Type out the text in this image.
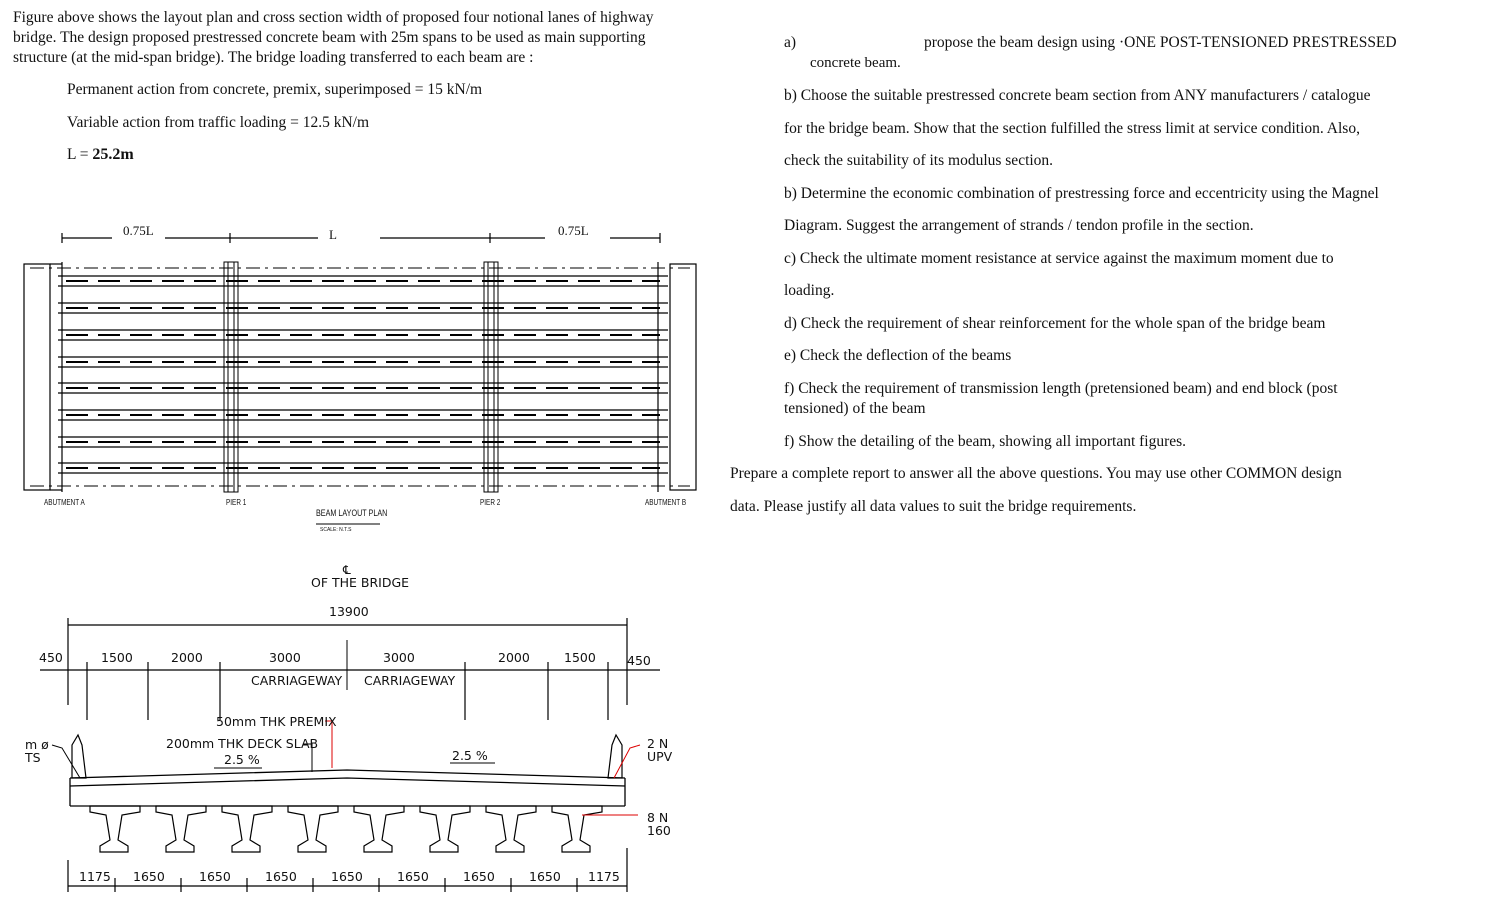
Figure above shows the layout plan and cross section width of proposed four notional lanes of highway
bridge. The design proposed prestressed concrete beam with 25m spans to be used as main supporting
structure (at the mid-span bridge). The bridge loading transferred to each beam are :
Permanent action from concrete, premix, superimposed = 15 kN/m
Variable action from traffic loading = 12.5 kN/m
L = 25.2m
0.75L	L	0.75L
ABUTMENT A	PIER 1	PIER 2	ABUTMENT B
BEAM LAYOUT PLAN
SCALE: N.T.S
℄
OF THE BRIDGE
13900
450	1500	2000	3000	3000	2000	1500 450
CARRIAGEWAY CARRIAGEWAY
50mm THK PREMIX
200mm THK DECK SLAB
2.5 %	2.5 %
m ø
TS
2 N
UPV
8 N
160
1175 1650	1650	1650	1650	1650	1650	1650 1175
a)	propose the beam design using ·ONE POST-TENSIONED PRESTRESSED
concrete beam.
b) Choose the suitable prestressed concrete beam section from ANY manufacturers / catalogue
for the bridge beam. Show that the section fulfilled the stress limit at service condition. Also,
check the suitability of its modulus section.
b) Determine the economic combination of prestressing force and eccentricity using the Magnel
Diagram. Suggest the arrangement of strands / tendon profile in the section.
c) Check the ultimate moment resistance at service against the maximum moment due to
loading.
d) Check the requirement of shear reinforcement for the whole span of the bridge beam
e) Check the deflection of the beams
f) Check the requirement of transmission length (pretensioned beam) and end block (post
tensioned) of the beam
f) Show the detailing of the beam, showing all important figures.
Prepare a complete report to answer all the above questions. You may use other COMMON design
data. Please justify all data values to suit the bridge requirements.
